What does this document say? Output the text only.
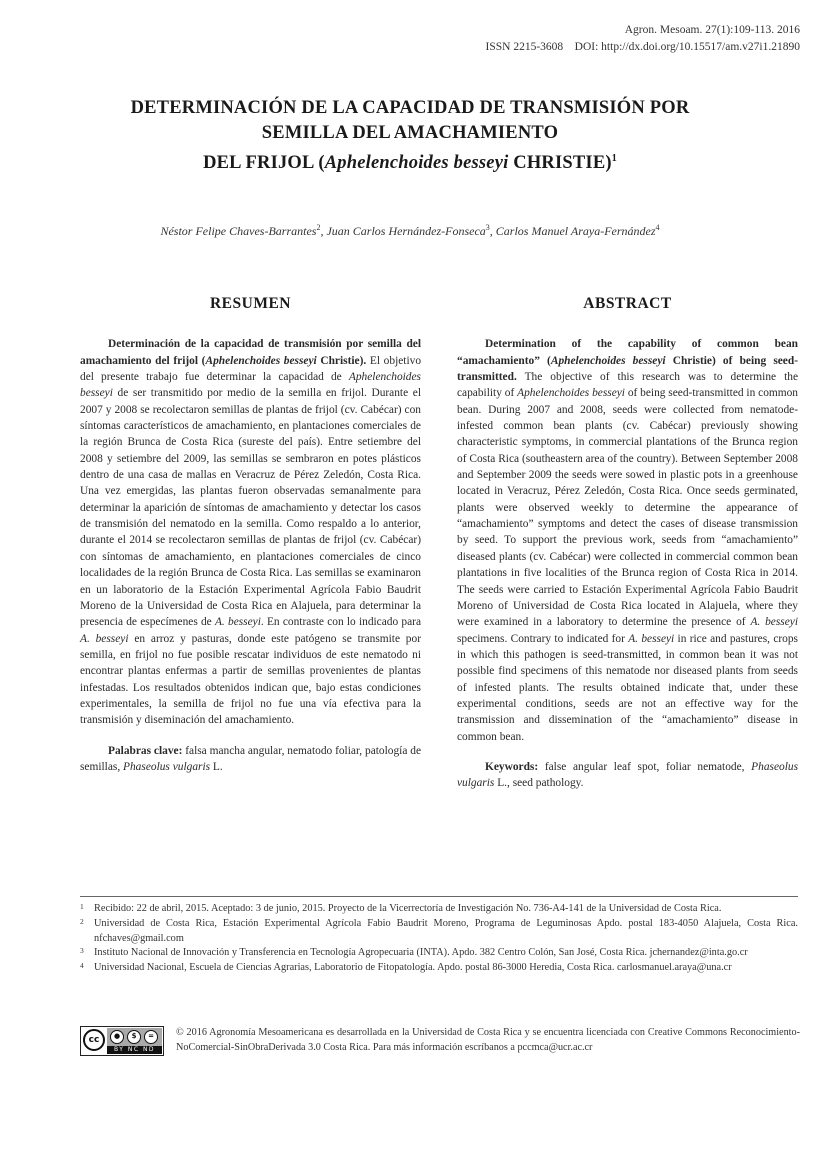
Agron. Mesoam. 27(1):109-113. 2016
ISSN 2215-3608    DOI: http://dx.doi.org/10.15517/am.v27i1.21890
DETERMINACIÓN DE LA CAPACIDAD DE TRANSMISIÓN POR
SEMILLA DEL AMACHAMIENTO
DEL FRIJOL (Aphelenchoides besseyi CHRISTIE)$^1$
Néstor Felipe Chaves-Barrantes$^2$, Juan Carlos Hernández-Fonseca$^3$, Carlos Manuel Araya-Fernández$^4$
RESUMEN

Determinación de la capacidad de transmisión por semilla del amachamiento del frijol (Aphelenchoides besseyi Christie). El objetivo del presente trabajo fue determinar la capacidad de Aphelenchoides besseyi de ser transmitido por medio de la semilla en frijol. Durante el 2007 y 2008 se recolectaron semillas de plantas de frijol (cv. Cabécar) con síntomas característicos de amachamiento, en plantaciones comerciales de la región Brunca de Costa Rica (sureste del país). Entre setiembre del 2008 y setiembre del 2009, las semillas se sembraron en potes plásticos dentro de una casa de mallas en Veracruz de Pérez Zeledón, Costa Rica. Una vez emergidas, las plantas fueron observadas semanalmente para determinar la aparición de síntomas de amachamiento y detectar los casos de transmisión del nematodo en la semilla. Como respaldo a lo anterior, durante el 2014 se recolectaron semillas de plantas de frijol (cv. Cabécar) con síntomas de amachamiento, en plantaciones comerciales de cinco localidades de la región Brunca de Costa Rica. Las semillas se examinaron en un laboratorio de la Estación Experimental Agrícola Fabio Baudrit Moreno de la Universidad de Costa Rica en Alajuela, para determinar la presencia de especímenes de A. besseyi. En contraste con lo indicado para A. besseyi en arroz y pasturas, donde este patógeno se transmite por semilla, en frijol no fue posible rescatar individuos de este nematodo ni encontrar plantas enfermas a partir de semillas provenientes de plantas infestadas. Los resultados obtenidos indican que, bajo estas condiciones experimentales, la semilla de frijol no fue una vía efectiva para la transmisión y diseminación del amachamiento.

Palabras clave: falsa mancha angular, nematodo foliar, patología de semillas, Phaseolus vulgaris L.

ABSTRACT

Determination of the capability of common bean “amachamiento” (Aphelenchoides besseyi Christie) of being seed-transmitted. The objective of this research was to determine the capability of Aphelenchoides besseyi of being seed-transmitted in common bean. During 2007 and 2008, seeds were collected from nematode-infested common bean plants (cv. Cabécar) previously showing characteristic symptoms, in commercial plantations of the Brunca region of Costa Rica (southeastern area of the country). Between September 2008 and September 2009 the seeds were sowed in plastic pots in a greenhouse located in Veracruz, Pérez Zeledón, Costa Rica. Once seeds germinated, plants were observed weekly to determine the appearance of “amachamiento” symptoms and detect the cases of disease transmission by seed. To support the previous work, seeds from “amachamiento” diseased plants (cv. Cabécar) were collected in commercial common bean plantations in five localities of the Brunca region of Costa Rica in 2014. The seeds were carried to Estación Experimental Agrícola Fabio Baudrit Moreno of Universidad de Costa Rica located in Alajuela, where they were examined in a laboratory to determine the presence of A. besseyi specimens. Contrary to indicated for A. besseyi in rice and pastures, crops in which this pathogen is seed-transmitted, in common bean it was not possible find specimens of this nematode nor diseased plants from seeds of infested plants. The results obtained indicate that, under these experimental conditions, seeds are not an effective way for the transmission and dissemination of the “amachamiento” disease in common bean.

Keywords: false angular leaf spot, foliar nematode, Phaseolus vulgaris L., seed pathology.

1 Recibido: 22 de abril, 2015. Aceptado: 3 de junio, 2015. Proyecto de la Vicerrectoría de Investigación No. 736-A4-141 de la Universidad de Costa Rica.
2 Universidad de Costa Rica, Estación Experimental Agrícola Fabio Baudrit Moreno, Programa de Leguminosas Apdo. postal 183-4050 Alajuela, Costa Rica. nfchaves@gmail.com
3 Instituto Nacional de Innovación y Transferencia en Tecnología Agropecuaria (INTA). Apdo. 382 Centro Colón, San José, Costa Rica. jchernandez@inta.go.cr
4 Universidad Nacional, Escuela de Ciencias Agrarias, Laboratorio de Fitopatología. Apdo. postal 86-3000 Heredia, Costa Rica. carlosmanuel.araya@una.cr
cc	●	$	=
BY NC ND
© 2016 Agronomía Mesoamericana es desarrollada en la Universidad de Costa Rica y se encuentra licenciada con Creative Commons Reconocimiento-NoComercial-SinObraDerivada 3.0 Costa Rica. Para más información escríbanos a pccmca@ucr.ac.cr
